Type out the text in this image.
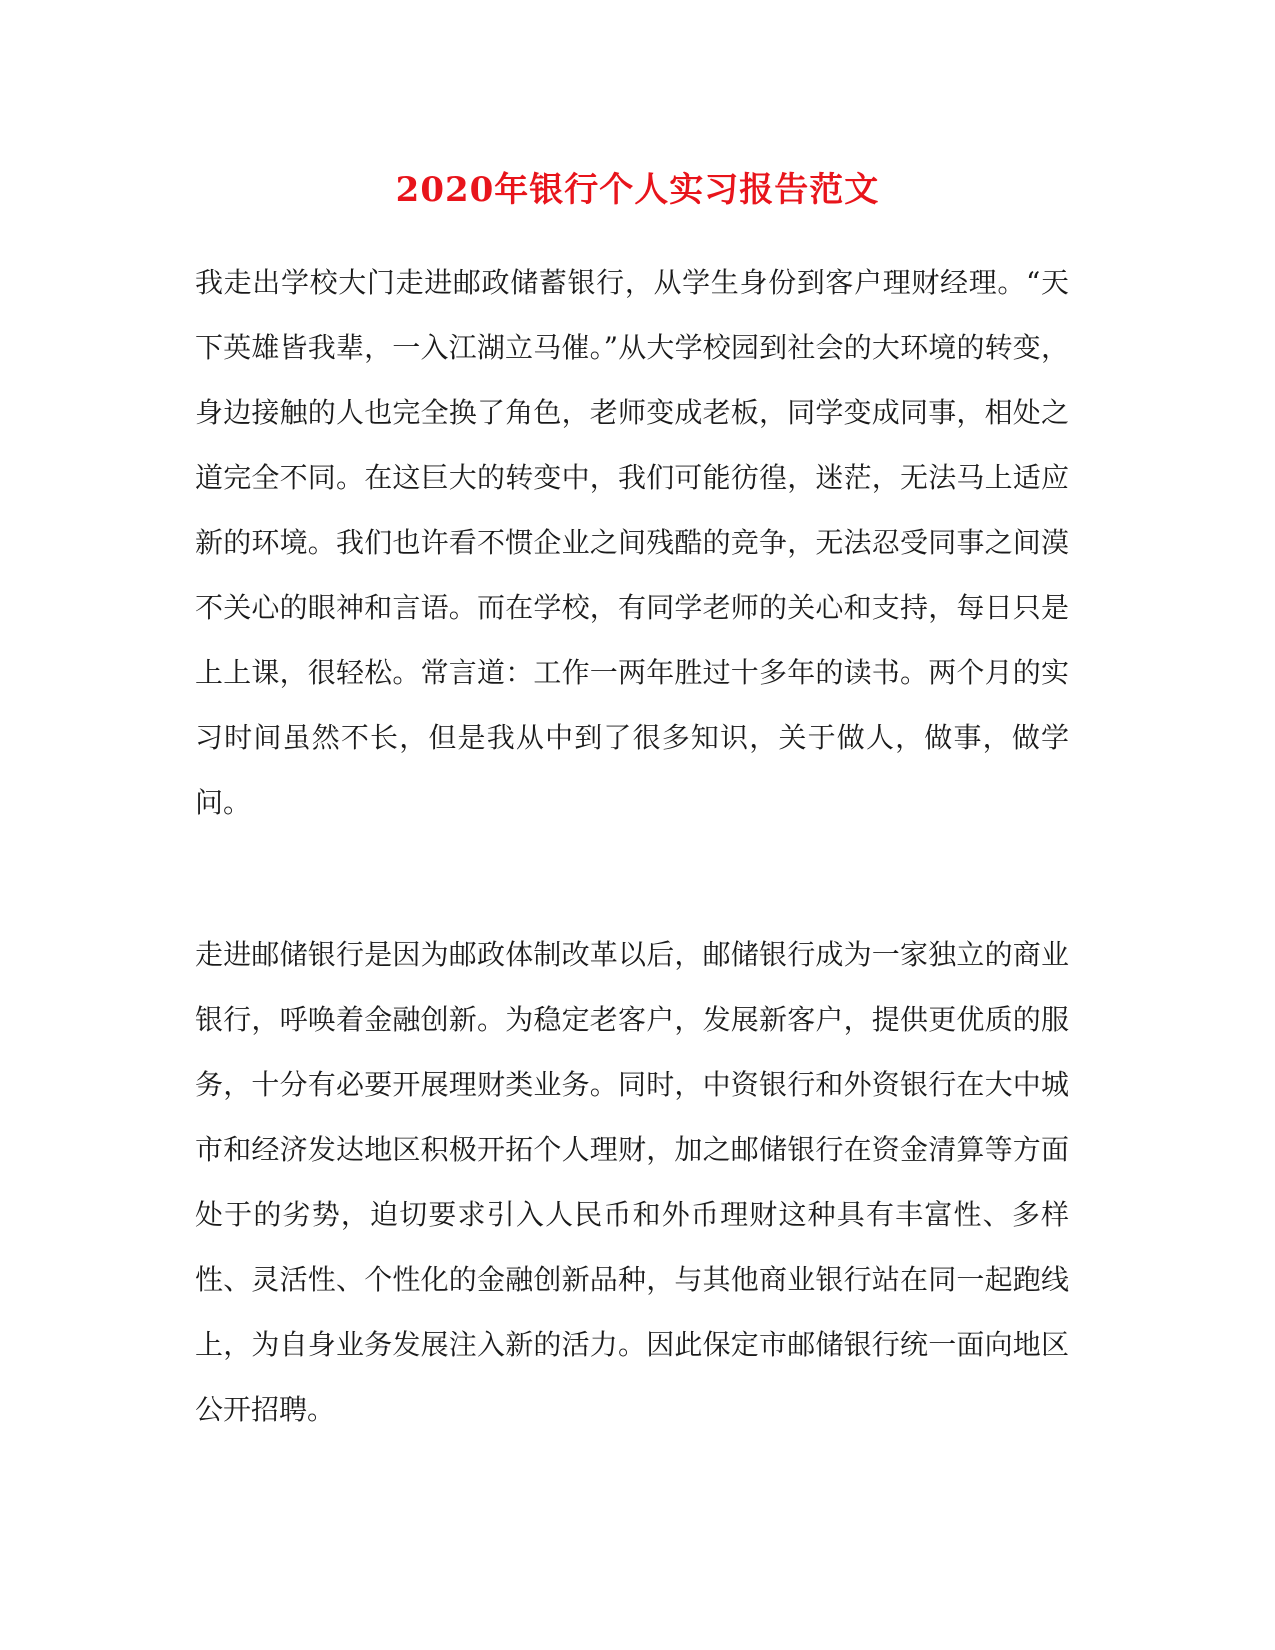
2020年银行个人实习报告范文

我走出学校大门走进邮政储蓄银行，从学生身份到客户理财经理。“天下英雄皆我辈，一入江湖立马催。”从大学校园到社会的大环境的转变，身边接触的人也完全换了角色，老师变成老板，同学变成同事，相处之道完全不同。在这巨大的转变中，我们可能彷徨，迷茫，无法马上适应新的环境。我们也许看不惯企业之间残酷的竞争，无法忍受同事之间漠不关心的眼神和言语。而在学校，有同学老师的关心和支持，每日只是上上课，很轻松。常言道：工作一两年胜过十多年的读书。两个月的实习时间虽然不长，但是我从中到了很多知识，关于做人，做事，做学问。

走进邮储银行是因为邮政体制改革以后，邮储银行成为一家独立的商业银行，呼唤着金融创新。为稳定老客户，发展新客户，提供更优质的服务，十分有必要开展理财类业务。同时，中资银行和外资银行在大中城市和经济发达地区积极开拓个人理财，加之邮储银行在资金清算等方面处于的劣势，迫切要求引入人民币和外币理财这种具有丰富性、多样性、灵活性、个性化的金融创新品种，与其他商业银行站在同一起跑线上，为自身业务发展注入新的活力。因此保定市邮储银行统一面向地区公开招聘。
